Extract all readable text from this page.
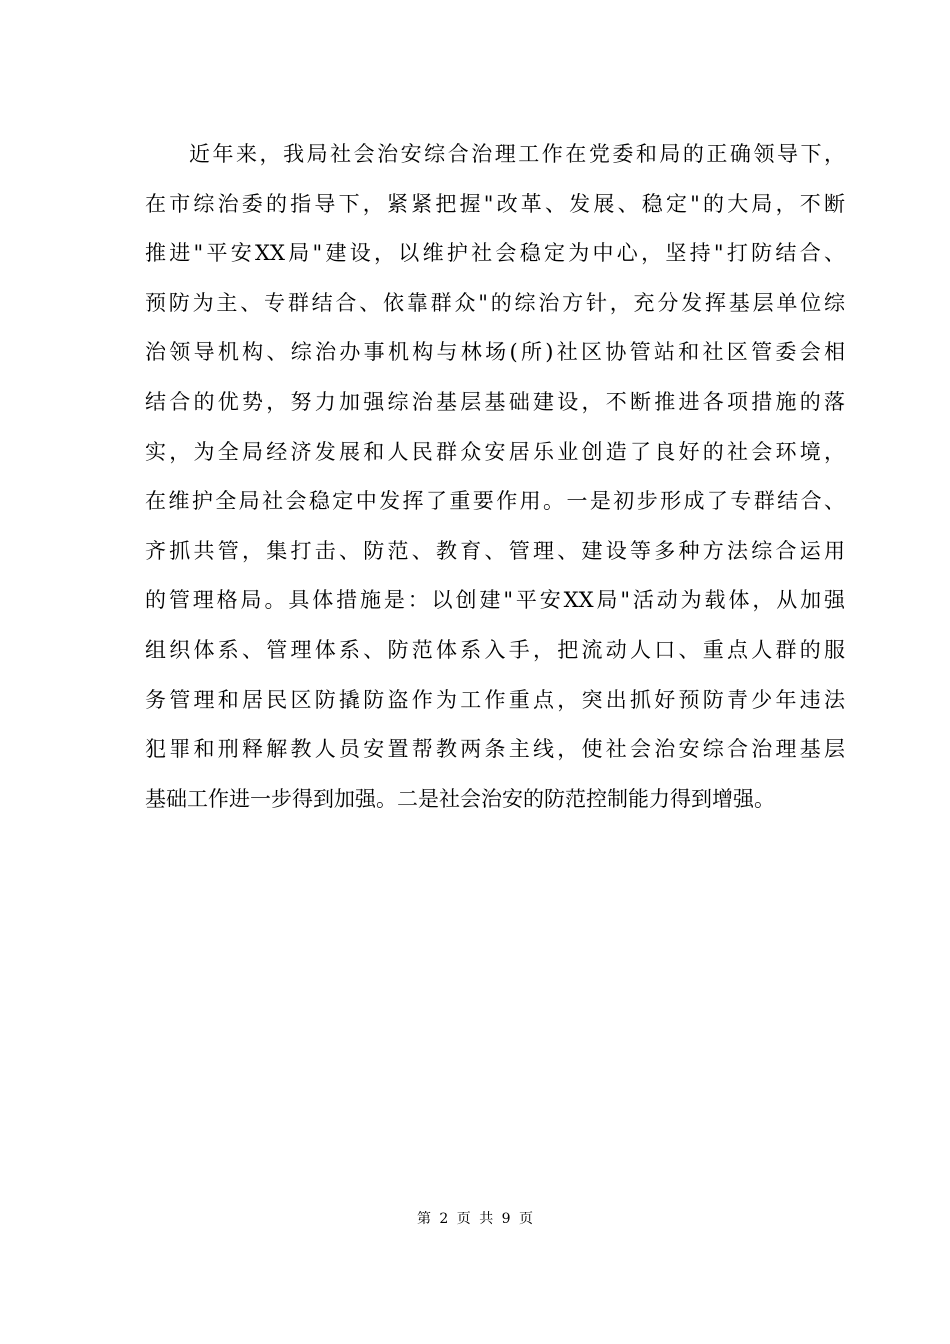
近年来，我局社会治安综合治理工作在党委和局的正确领导下，
在市综治委的指导下，紧紧把握"改革、发展、稳定"的大局，不断
推进"平安XX局"建设，以维护社会稳定为中心，坚持"打防结合、
预防为主、专群结合、依靠群众"的综治方针，充分发挥基层单位综
治领导机构、综治办事机构与林场(所)社区协管站和社区管委会相
结合的优势，努力加强综治基层基础建设，不断推进各项措施的落
实，为全局经济发展和人民群众安居乐业创造了良好的社会环境，
在维护全局社会稳定中发挥了重要作用。一是初步形成了专群结合、
齐抓共管，集打击、防范、教育、管理、建设等多种方法综合运用
的管理格局。具体措施是：以创建"平安XX局"活动为载体，从加强
组织体系、管理体系、防范体系入手，把流动人口、重点人群的服
务管理和居民区防撬防盗作为工作重点，突出抓好预防青少年违法
犯罪和刑释解教人员安置帮教两条主线，使社会治安综合治理基层
基础工作进一步得到加强。二是社会治安的防范控制能力得到增强。
第 2 页 共 9 页
